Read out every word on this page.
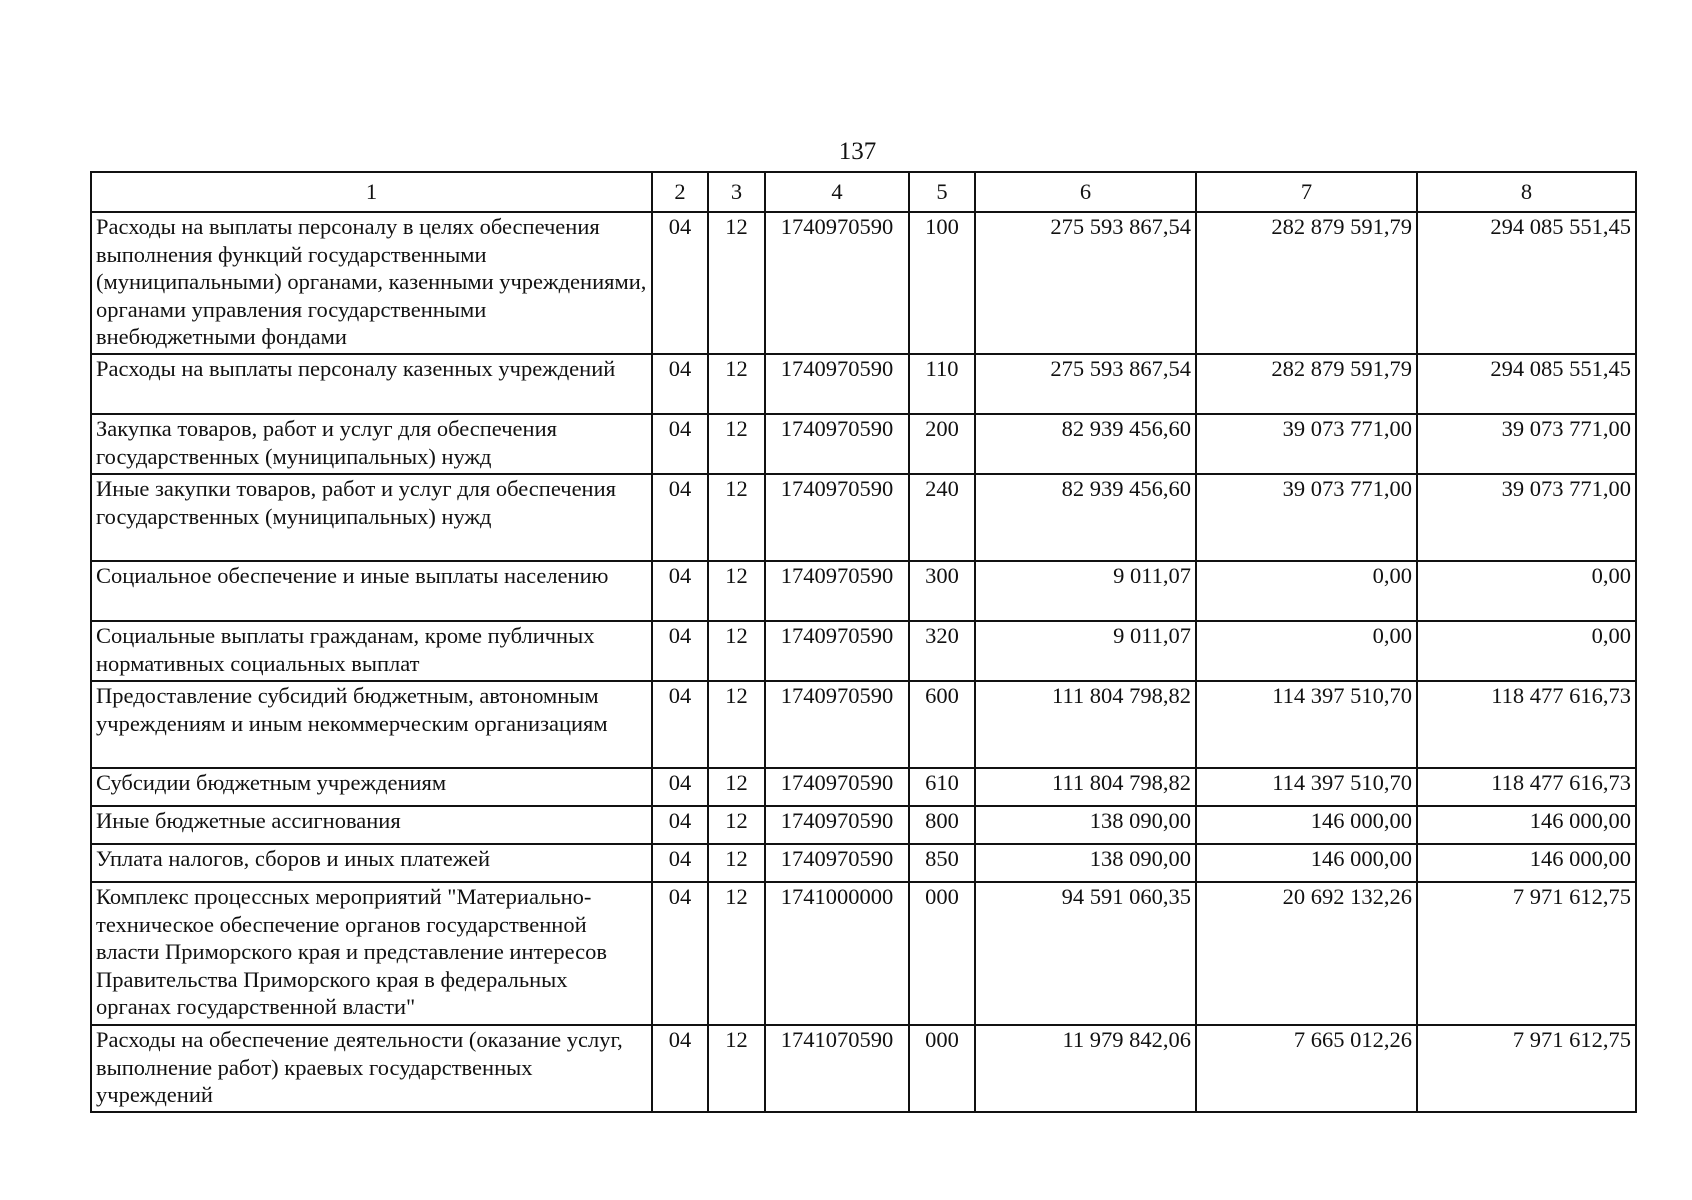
137
1	2	3	4	5	6	7	8
Расходы на выплаты персоналу в целях обеспечения выполнения функций государственными (муниципальными) органами, казенными учреждениями, органами управления государственными внебюджетными фондами	04	12	1740970590	100	275 593 867,54	282 879 591,79	294 085 551,45
Расходы на выплаты персоналу казенных учреждений	04	12	1740970590	110	275 593 867,54	282 879 591,79	294 085 551,45
Закупка товаров, работ и услуг для обеспечения государственных (муниципальных) нужд	04	12	1740970590	200	82 939 456,60	39 073 771,00	39 073 771,00
Иные закупки товаров, работ и услуг для обеспечения государственных (муниципальных) нужд	04	12	1740970590	240	82 939 456,60	39 073 771,00	39 073 771,00
Социальное обеспечение и иные выплаты населению	04	12	1740970590	300	9 011,07	0,00	0,00
Социальные выплаты гражданам, кроме публичных нормативных социальных выплат	04	12	1740970590	320	9 011,07	0,00	0,00
Предоставление субсидий бюджетным, автономным учреждениям и иным некоммерческим организациям	04	12	1740970590	600	111 804 798,82	114 397 510,70	118 477 616,73
Субсидии бюджетным учреждениям	04	12	1740970590	610	111 804 798,82	114 397 510,70	118 477 616,73
Иные бюджетные ассигнования	04	12	1740970590	800	138 090,00	146 000,00	146 000,00
Уплата налогов, сборов и иных платежей	04	12	1740970590	850	138 090,00	146 000,00	146 000,00
Комплекс процессных мероприятий "Материально-техническое обеспечение органов государственной власти Приморского края и представление интересов Правительства Приморского края в федеральных органах государственной власти"	04	12	1741000000	000	94 591 060,35	20 692 132,26	7 971 612,75
Расходы на обеспечение деятельности (оказание услуг, выполнение работ) краевых государственных учреждений	04	12	1741070590	000	11 979 842,06	7 665 012,26	7 971 612,75
